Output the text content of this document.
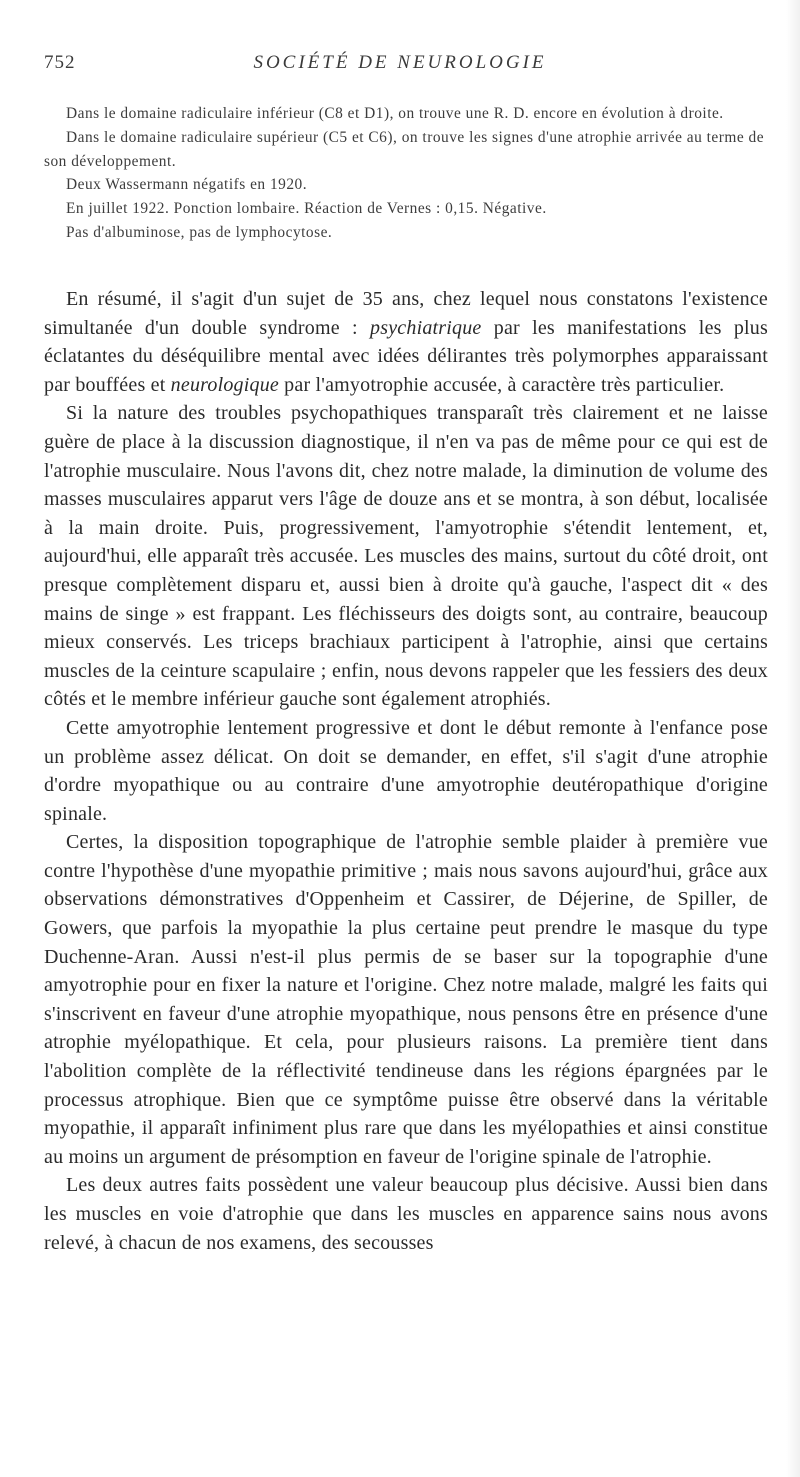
752	SOCIÉTÉ DE NEUROLOGIE

Dans le domaine radiculaire inférieur (C8 et D1), on trouve une R. D. encore en évolution à droite.

Dans le domaine radiculaire supérieur (C5 et C6), on trouve les signes d'une atrophie arrivée au terme de son développement.

Deux Wassermann négatifs en 1920.

En juillet 1922. Ponction lombaire. Réaction de Vernes : 0,15. Négative.

Pas d'albuminose, pas de lymphocytose.

En résumé, il s'agit d'un sujet de 35 ans, chez lequel nous constatons l'existence simultanée d'un double syndrome : psychiatrique par les manifestations les plus éclatantes du déséquilibre mental avec idées délirantes très polymorphes apparaissant par bouffées et neurologique par l'amyotrophie accusée, à caractère très particulier.

Si la nature des troubles psychopathiques transparaît très clairement et ne laisse guère de place à la discussion diagnostique, il n'en va pas de même pour ce qui est de l'atrophie musculaire. Nous l'avons dit, chez notre malade, la diminution de volume des masses musculaires apparut vers l'âge de douze ans et se montra, à son début, localisée à la main droite. Puis, progressivement, l'amyotrophie s'étendit lentement, et, aujourd'hui, elle apparaît très accusée. Les muscles des mains, surtout du côté droit, ont presque complètement disparu et, aussi bien à droite qu'à gauche, l'aspect dit « des mains de singe » est frappant. Les fléchisseurs des doigts sont, au contraire, beaucoup mieux conservés. Les triceps brachiaux participent à l'atrophie, ainsi que certains muscles de la ceinture scapulaire ; enfin, nous devons rappeler que les fessiers des deux côtés et le membre inférieur gauche sont également atrophiés.

Cette amyotrophie lentement progressive et dont le début remonte à l'enfance pose un problème assez délicat. On doit se demander, en effet, s'il s'agit d'une atrophie d'ordre myopathique ou au contraire d'une amyotrophie deutéropathique d'origine spinale.

Certes, la disposition topographique de l'atrophie semble plaider à première vue contre l'hypothèse d'une myopathie primitive ; mais nous savons aujourd'hui, grâce aux observations démonstratives d'Oppenheim et Cassirer, de Déjerine, de Spiller, de Gowers, que parfois la myopathie la plus certaine peut prendre le masque du type Duchenne-Aran. Aussi n'est-il plus permis de se baser sur la topographie d'une amyotrophie pour en fixer la nature et l'origine. Chez notre malade, malgré les faits qui s'inscrivent en faveur d'une atrophie myopathique, nous pensons être en présence d'une atrophie myélopathique. Et cela, pour plusieurs raisons. La première tient dans l'abolition complète de la réflectivité tendineuse dans les régions épargnées par le processus atrophique. Bien que ce symptôme puisse être observé dans la véritable myopathie, il apparaît infiniment plus rare que dans les myélopathies et ainsi constitue au moins un argument de présomption en faveur de l'origine spinale de l'atrophie.

Les deux autres faits possèdent une valeur beaucoup plus décisive. Aussi bien dans les muscles en voie d'atrophie que dans les muscles en apparence sains nous avons relevé, à chacun de nos examens, des secousses
